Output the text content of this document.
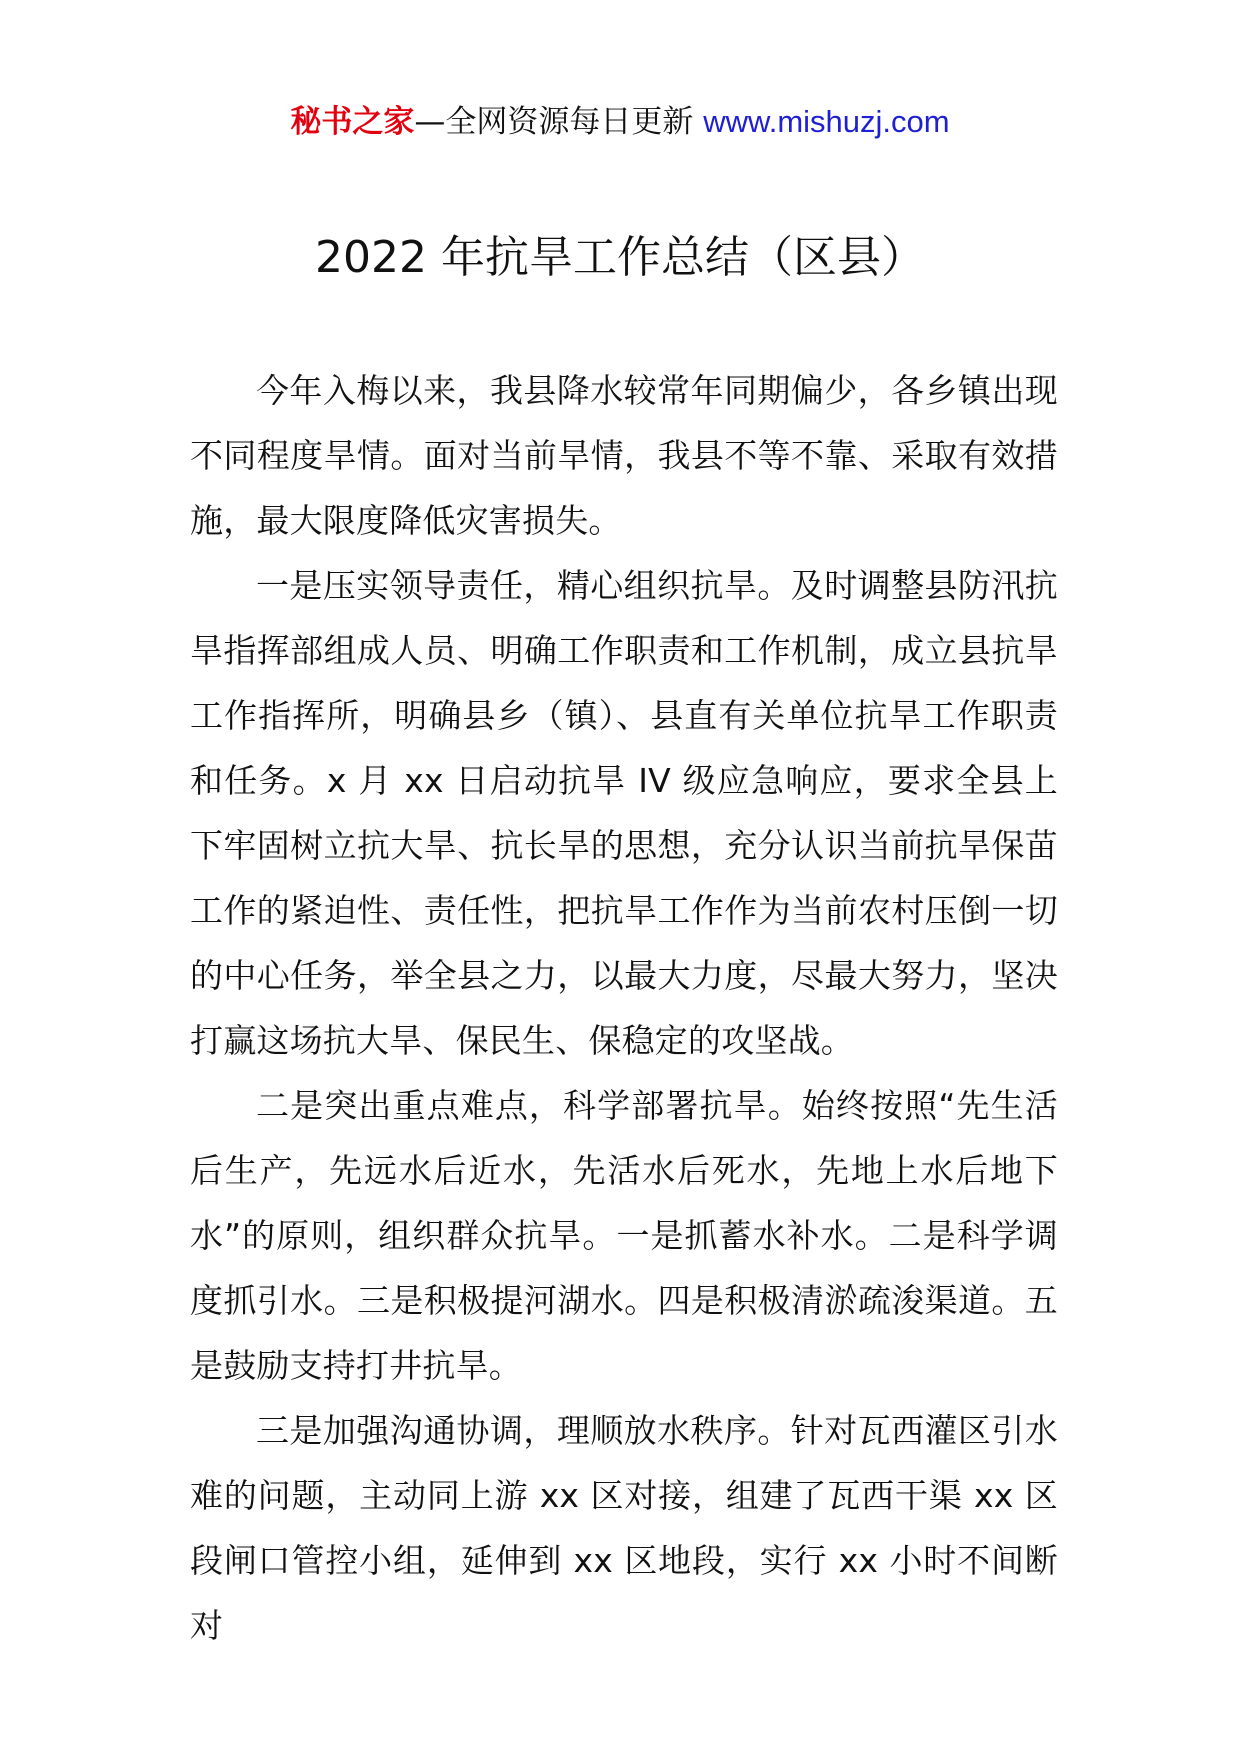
秘书之家—全网资源每日更新 www.mishuzj.com
2022 年抗旱工作总结（区县）

今年入梅以来，我县降水较常年同期偏少，各乡镇出现不同程度旱情。面对当前旱情，我县不等不靠、采取有效措施，最大限度降低灾害损失。

一是压实领导责任，精心组织抗旱。及时调整县防汛抗旱指挥部组成人员、明确工作职责和工作机制，成立县抗旱工作指挥所，明确县乡（镇）、县直有关单位抗旱工作职责和任务。x 月 xx 日启动抗旱 IV 级应急响应，要求全县上下牢固树立抗大旱、抗长旱的思想，充分认识当前抗旱保苗工作的紧迫性、责任性，把抗旱工作作为当前农村压倒一切的中心任务，举全县之力，以最大力度，尽最大努力，坚决打赢这场抗大旱、保民生、保稳定的攻坚战。

二是突出重点难点，科学部署抗旱。始终按照“先生活后生产，先远水后近水，先活水后死水，先地上水后地下水”的原则，组织群众抗旱。一是抓蓄水补水。二是科学调度抓引水。三是积极提河湖水。四是积极清淤疏浚渠道。五是鼓励支持打井抗旱。

三是加强沟通协调，理顺放水秩序。针对瓦西灌区引水难的问题，主动同上游 xx 区对接，组建了瓦西干渠 xx 区段闸口管控小组，延伸到 xx 区地段，实行 xx 小时不间断对
